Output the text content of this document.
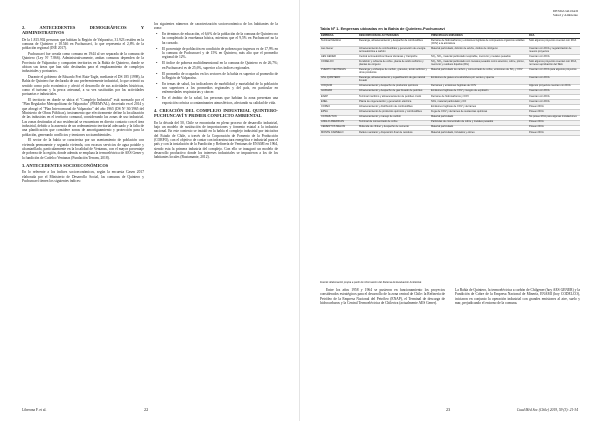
2. ANTECEDENTES DEMOGRÁFICOS Y ADMINISTRATIVOS

De la 1.815.902 personas que habitan la Región de Valparaíso, 31.923 residen en la comuna de Quintero y 18.546 en Puchuncaví, lo que representa el 2,8% de la población regional (INE 2017).

Puchuncaví fue creada como comuna en 1944 al ser separada de la comuna de Quintero (Ley Nº 7.866). Administrativamente, ambas comunas dependen de la Provincia de Valparaíso y comparten territorios en la Bahía de Quintero, donde se ubican sus áreas que han sido destinadas para el emplazamiento de complejos industriales y portuarios.

Durante el gobierno de Eduardo Frei Ruiz-Tagle, mediante el DS 185 (1998), la Bahía de Quintero fue declarada de uso preferentemente industrial, lo que orientó su sentido como polo económico y afectó el desarrollo de sus actividades históricas, como el turismo y la pesca artesanal, a su vez sustituidas por las actividades portuarias e industriales.

El territorio en donde se ubica el "Complejo Industrial" está normado por el "Plan Regulador Metropolitano de Valparaíso" (PREMVAL), decretado en el 2014 y que abrogó el "Plan Intercomunal de Valparaíso" del año 1965 (DS Nº 30/1965 del Ministerio de Obras Públicas), instrumento que efectivamente define la localización de las industrias en el territorio comunal, considerando las zonas de uso industrial. Las zonas destinadas al uso residencial se encuentran en directo contacto con el área industrial, debido a la ausencia de un ordenamiento territorial adecuado y la falta de una planificación que considere zonas de amortiguamiento y protección para la población, generando conflictos y tensiones socioambientales.

El sector de la bahía se caracteriza por un asentamiento de población con vivienda permanente y segunda vivienda, con escasos servicios de agua potable y alcantarillado, particularmente en la localidad de Ventanas, con el mayor porcentaje de pobreza de la región, donde además se emplaza la termoeléctrica de AES Gener y la fundición de Codelco Ventanas (Fundación Terram, 2018).

3. ANTECEDENTES SOCIOECONÓMICOS

En lo referente a los índices socioeconómicos, según la encuesta Casen 2017 elaborada por el Ministerio de Desarrollo Social, las comunas de Quintero y Puchuncaví tienen los siguientes índices:

los siguientes números de caracterización socioeconómica de los habitantes de la zona:

• En términos de educación, el 6,6% de la población de la comuna de Quintero no ha completado la enseñanza básica, mientras que el 9,5% en Puchuncaví no la ha cursado.
• El porcentaje de población en condición de pobreza por ingresos es de 17,9% en la comuna de Puchuncaví y de 15% en Quintero, más alto que el promedio regional de 12%.
• El índice de pobreza multidimensional en la comuna de Quintero es de 26,7%; en Puchuncaví es de 25,6%, superior a los índices regionales.
• El promedio de ocupados en los sectores de la bahía es superior al promedio de la Región de Valparaíso.
• En temas de salud, los indicadores de morbilidad y mortalidad de la población son superiores a los promedios regionales y del país, en particular en enfermedades respiratorias y cáncer.
• En el ámbito de la salud, las personas que habitan la zona presentan una exposición crónica a contaminantes atmosféricos, afectando su calidad de vida.
4. CREACIÓN DEL COMPLEJO INDUSTRIAL QUINTERO-PUCHUNCAVÍ Y PRIMER CONFLICTO AMBIENTAL

En la década del 50, Chile se encontraba en pleno proceso de desarrollo industrial, bajo un modelo de sustitución de importaciones y fomento estatal a la industria nacional. En este contexto se instaló en la bahía el complejo industrial por iniciativa del Estado de Chile, a través de la Corporación de Fomento de la Producción (CORFO), con el objetivo de contar con infraestructura energética e industrial para el país y con la instalación de la Fundición y Refinería de Ventanas de ENAMI en 1964, siendo esta la primera industria del complejo. Con ello se inauguró un modelo de desarrollo productivo donde los intereses industriales se impusieron a los de los habitantes locales (Bustamante, 2012).

Liberona F. et al.	22
DESIGUALDAD
Salud y Ambiente
Tabla Nº 1. Empresas ubicadas en la Bahía de Quintero-Puchuncaví
EMPRESA	DESCRIPCIÓN DE ACTIVIDADES	PRINCIPALES EMISIONES	RCA
Terminal Maritimo	Descarga, almacenamiento y despacho de combustibles	Derrame de hidrocarburos y emisiones fugitivas de compuestos orgánicos volátiles (COV) a la atmósfera	Solo algunos proyectos cuentan con RCA
Aes Gener	Almacenamiento de combustibles y generación de energía termoeléctrica a carbón	Material particulado, dióxido de azufre, óxidos de nitrógeno	Cuentan con RCA y regularización de nuevos proyectos
AES GENER	Central termoeléctrica Nueva Ventanas y Campiche	SO₂, NO₂, material particulado respirable, mercurio y metales pesados	Cuentan con RCA
CODELCO	Fundición y refinería de cobre, planta de ácido sulfúrico y plantas de oxígeno	SO₂, NO₂, material particulado con metales pesados como arsénico, cobre, plomo, mercurio y residuos líquidos (RIL)	Solo algunos proyectos cuentan con RCA, no tienen aprobación del SEA
PUERTO VENTANAS	Descarga y embarque de carbón, graneles, ácido sulfúrico y otros productos	Material particulado de carbón y concentrado de cobre, emisiones de SO₂ y COV	Cuentan con RCA para algunos proyectos
GNL QUINTERO	Descarga, almacenamiento y regasificación de gas natural licuado	Emisiones de gases a la atmósfera por venteo y quema	Cuentan con RCA
OXIQUIM	Almacenamiento y despacho de productos químicos	Derrames y emisiones fugitivas de COV	Algunos proyectos cuentan con RCA
GASMAR	Almacenamiento y despacho de gas licuado de petróleo	Emisiones fugitivas de COV y riesgos de explosión	Cuentan con RCA
ENAP	Terminal marítimo y almacenamiento de petróleo crudo	Derrame de hidrocarburos y COV	Cuentan con RCA
ENEL	Planta de cogeneración y generación eléctrica	NOx, material particulado y CO	Cuentan con RCA
COPEC	Almacenamiento y distribución de combustibles	Emisiones fugitivas de COV y derrames	Poseen RCA
EPSA	Almacenamiento de productos químicos y combustibles	Fuga de COV y derrames de sustancias químicas	Poseen RCA
CATAMUTUN	Almacenamiento y manejo de carbón	Material particulado	No posee RCA para algunas instalaciones
ANGLO AMERICAN	Terminal de concentrado de cobre	Partículas de concentrado de cobre y metales pesados	Poseen RCA
CEMENTOS MELON	Molienda de clínker y despacho de cemento	Material particulado	Poseen RCA
MONTE CARMELO	Relleno sanitario y disposición final de residuos	Material particulado, lixiviados y olores	Poseen RCA
Fuente: Elaboración propia a partir de información del Sistema de Evaluación Ambiental.

Entre los años 1958 y 1964 se pusieron en funcionamiento los proyectos considerados estratégicos para el desarrollo de la zona central de Chile: la Refinería de Petróleo de la Empresa Nacional del Petróleo (ENAP), el Terminal de descarga de hidrocarburos y la Central Termoeléctrica de Chilectra (actualmente AES Gener).

La Bahía de Quintero, la termoeléctrica a carbón de Chilgener (hoy AES GENER) y la Fundición de Cobre de la Empresa Nacional de Minería, ENAMI (hoy CODELCO), iniciaron en conjunto la operación industrial con grandes emisiones al aire, suelo y mar, perjudicando el entorno de la comuna.

23	Cuad Méd Soc (Chile) 2019, 59 (3): 21-34
